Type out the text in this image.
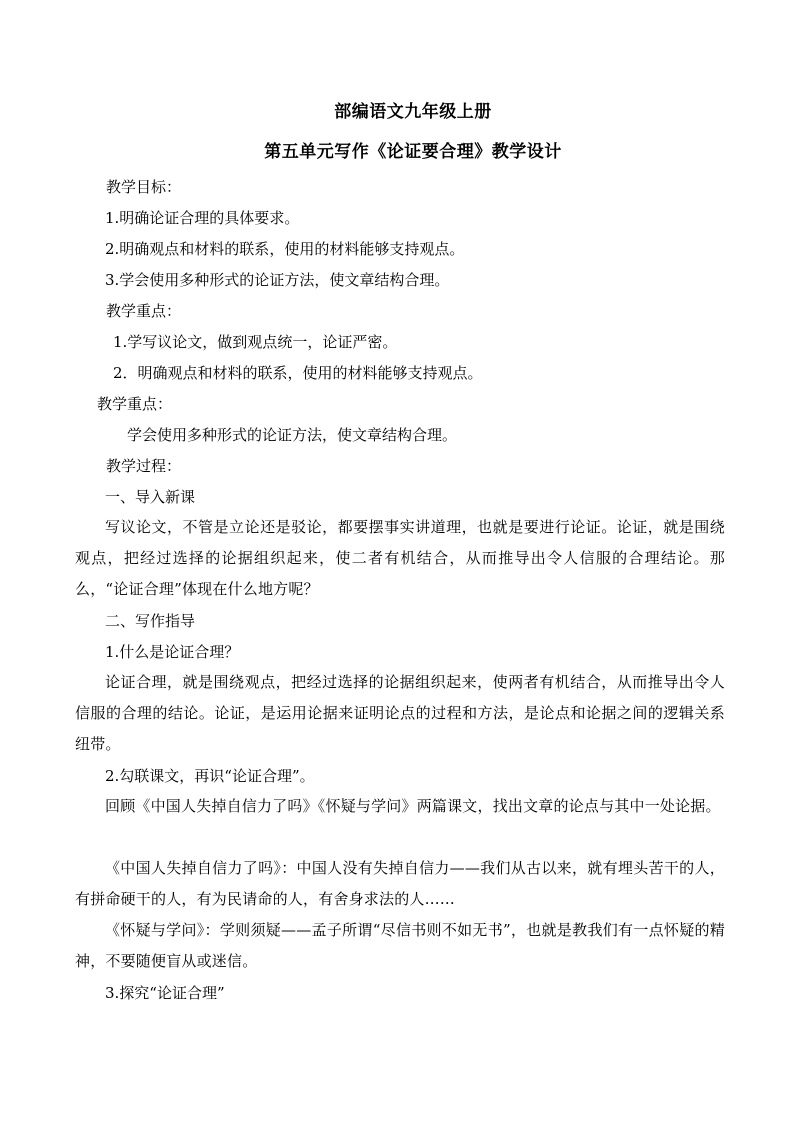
部编语文九年级上册
第五单元写作《论证要合理》教学设计
教学目标：
1.明确论证合理的具体要求。
2.明确观点和材料的联系，使用的材料能够支持观点。
3.学会使用多种形式的论证方法，使文章结构合理。
教学重点：
1.学写议论文，做到观点统一，论证严密。
2．明确观点和材料的联系，使用的材料能够支持观点。
教学重点：
学会使用多种形式的论证方法，使文章结构合理。
教学过程：
一、导入新课
写议论文，不管是立论还是驳论，都要摆事实讲道理，也就是要进行论证。论证，就是围绕观点，把经过选择的论据组织起来，使二者有机结合，从而推导出令人信服的合理结论。那么，“论证合理”体现在什么地方呢？
二、写作指导
1.什么是论证合理？
论证合理，就是围绕观点，把经过选择的论据组织起来，使两者有机结合，从而推导出令人信服的合理的结论。论证，是运用论据来证明论点的过程和方法，是论点和论据之间的逻辑关系纽带。
2.勾联课文，再识“论证合理”。
回顾《中国人失掉自信力了吗》《怀疑与学问》两篇课文，找出文章的论点与其中一处论据。
《中国人失掉自信力了吗》：中国人没有失掉自信力——我们从古以来，就有埋头苦干的人，有拼命硬干的人，有为民请命的人，有舍身求法的人……
《怀疑与学问》：学则须疑——孟子所谓“尽信书则不如无书”，也就是教我们有一点怀疑的精神，不要随便盲从或迷信。
3.探究“论证合理”
